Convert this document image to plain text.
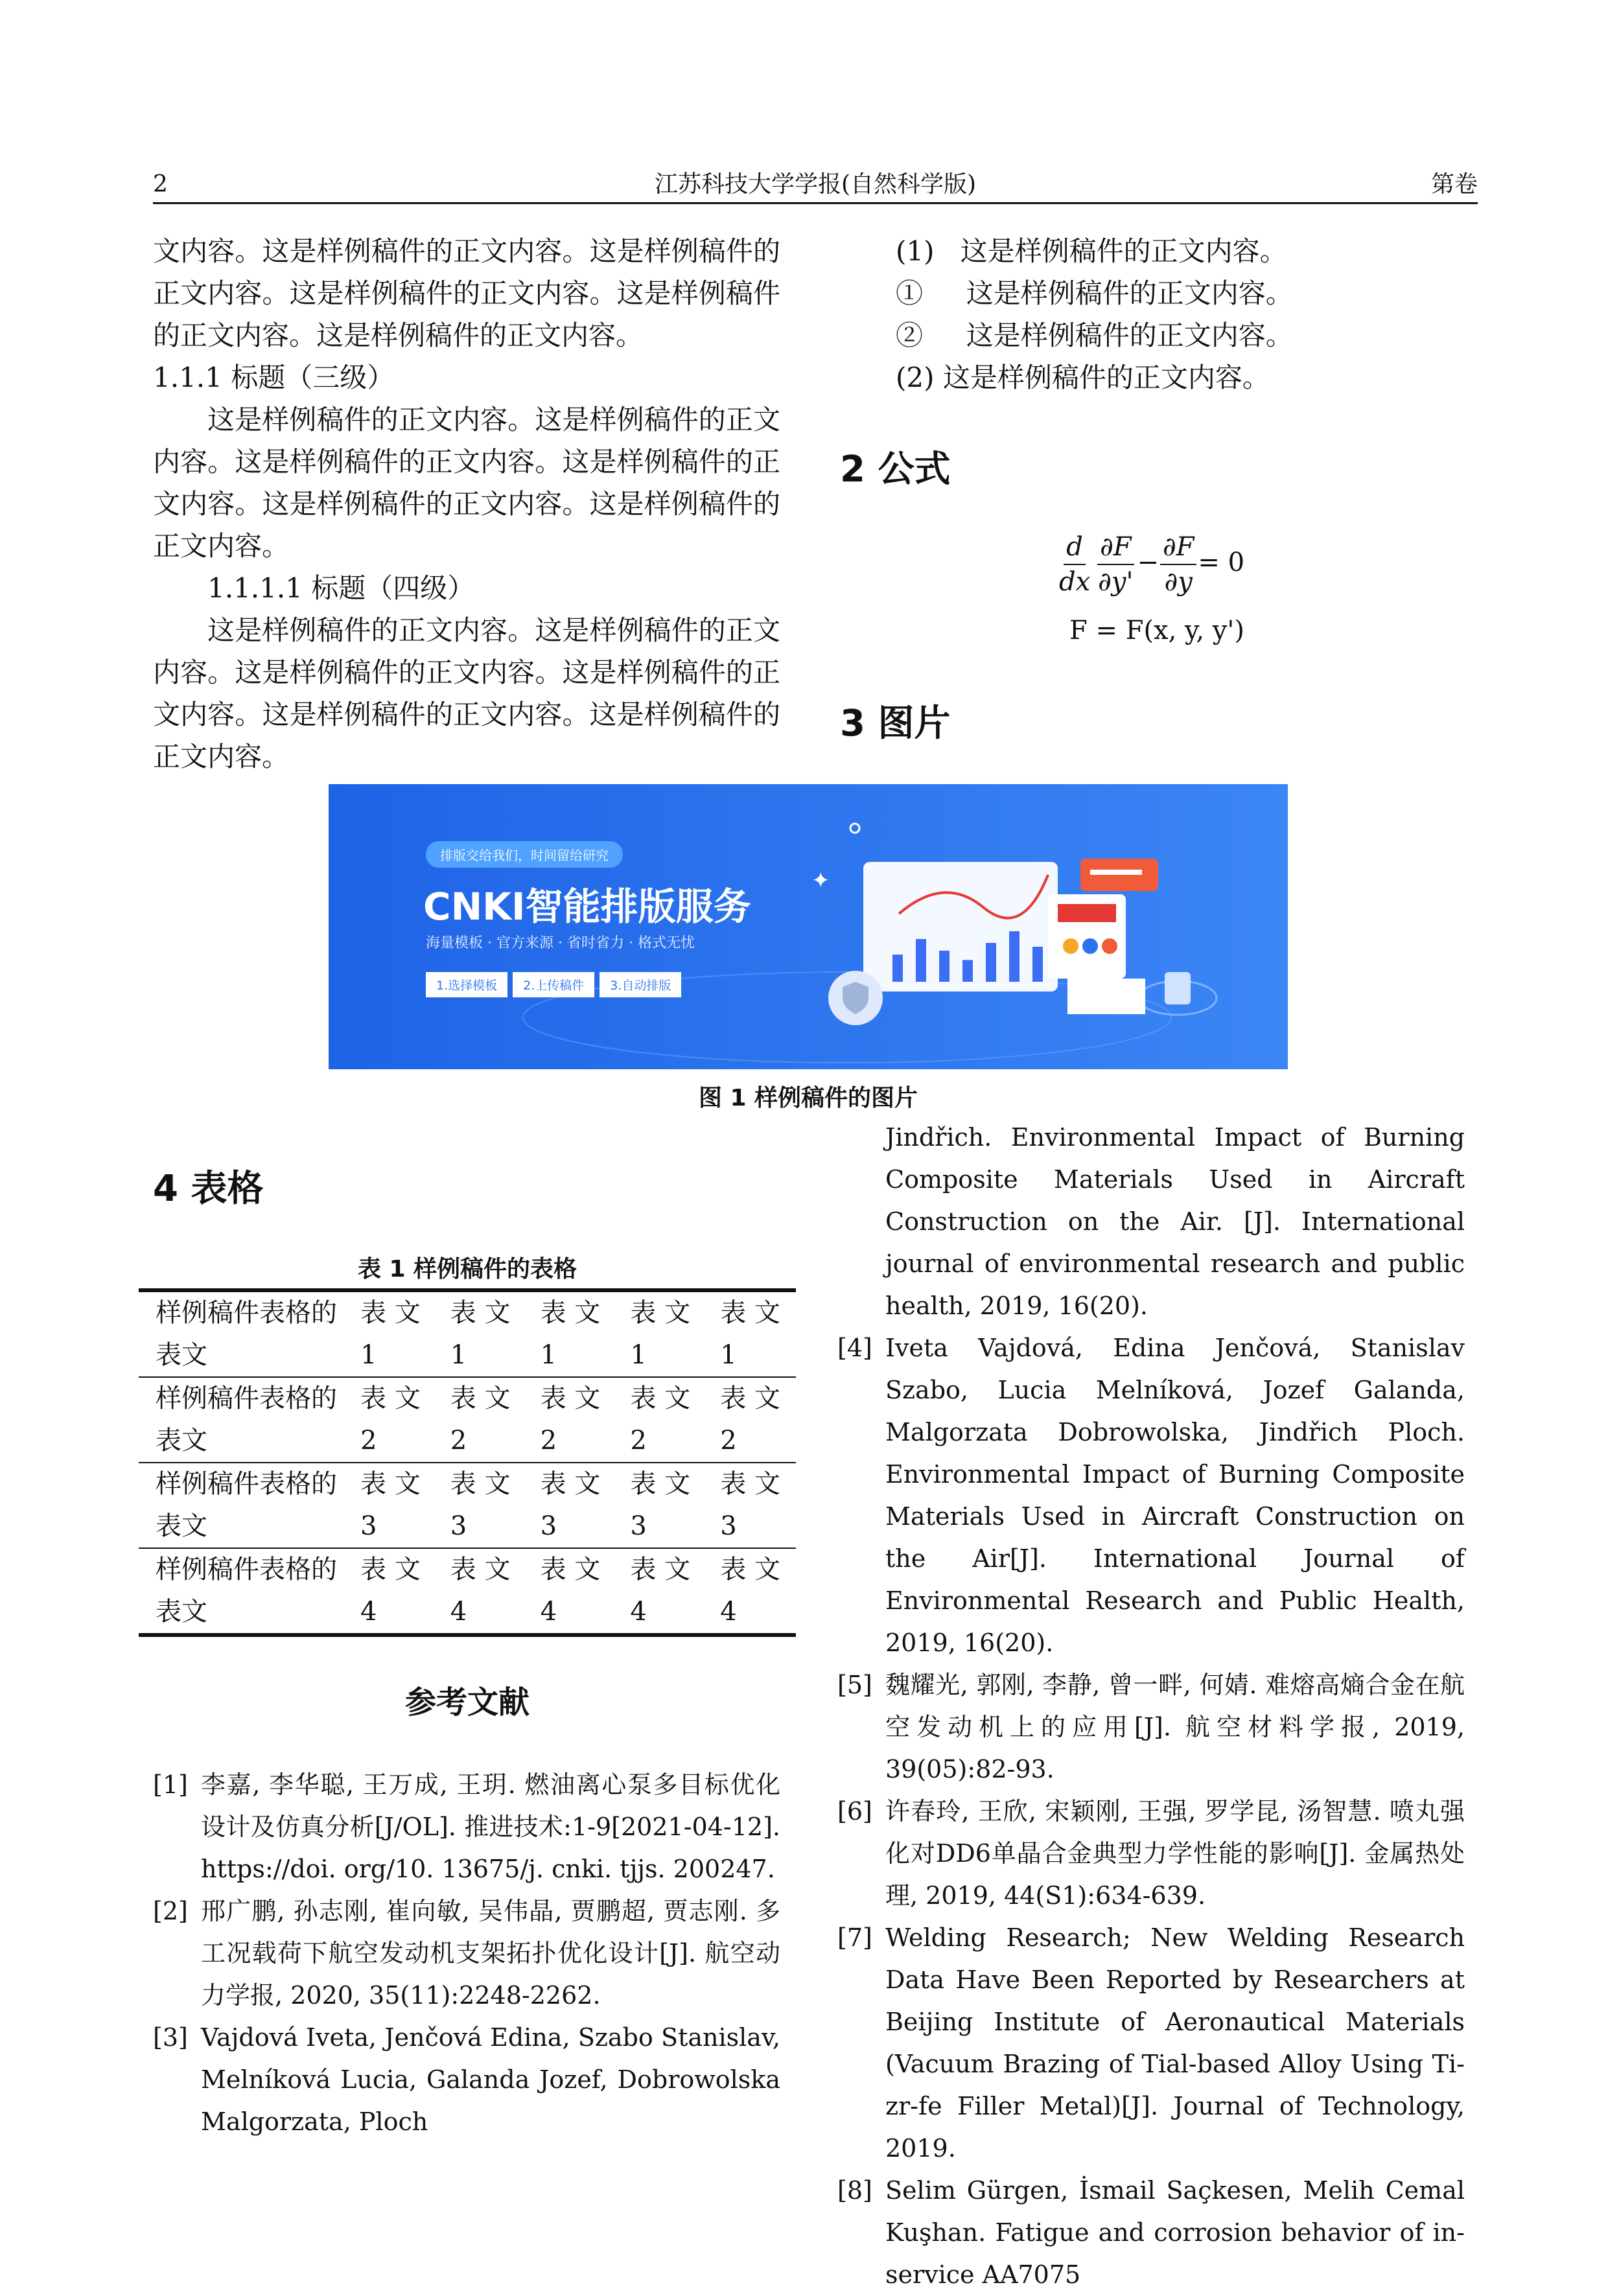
2	江苏科技大学学报(自然科学版)	第卷

文内容。这是样例稿件的正文内容。这是样例稿件的正文内容。这是样例稿件的正文内容。这是样例稿件的正文内容。这是样例稿件的正文内容。

1.1.1 标题（三级）

这是样例稿件的正文内容。这是样例稿件的正文内容。这是样例稿件的正文内容。这是样例稿件的正文内容。这是样例稿件的正文内容。这是样例稿件的正文内容。

1.1.1.1 标题（四级）

这是样例稿件的正文内容。这是样例稿件的正文内容。这是样例稿件的正文内容。这是样例稿件的正文内容。这是样例稿件的正文内容。这是样例稿件的正文内容。

(1) 这是样例稿件的正文内容。
① 这是样例稿件的正文内容。
② 这是样例稿件的正文内容。
(2) 这是样例稿件的正文内容。
2 公式
$\frac{d}{dx} \frac{\partial F}{\partial y'} - \frac{\partial F}{\partial y} = 0$
F = F(x, y, y')
3 图片
✦
排版交给我们，时间留给研究
CNKI智能排版服务
海量模板 · 官方来源 · 省时省力 · 格式无忧
1.选择模板	2.上传稿件	3.自动排版
图 1 样例稿件的图片
4 表格
表 1 样例稿件的表格
样例稿件表格的表文	表 文 1	表 文 1	表 文 1	表 文 1	表 文 1
样例稿件表格的表文	表 文 2	表 文 2	表 文 2	表 文 2	表 文 2
样例稿件表格的表文	表 文 3	表 文 3	表 文 3	表 文 3	表 文 3
样例稿件表格的表文	表 文 4	表 文 4	表 文 4	表 文 4	表 文 4
参考文献
[1] 李嘉, 李华聪, 王万成, 王玥. 燃油离心泵多目标优化设计及仿真分析[J/OL]. 推进技术:1-9[2021-04-12]. https://doi. org/10. 13675/j. cnki. tjjs. 200247.
[2] 邢广鹏, 孙志刚, 崔向敏, 吴伟晶, 贾鹏超, 贾志刚. 多工况载荷下航空发动机支架拓扑优化设计[J]. 航空动力学报, 2020, 35(11):2248-2262.
[3] Vajdová Iveta, Jenčová Edina, Szabo Stanislav, Melníková Lucia, Galanda Jozef, Dobrowolska Malgorzata, Ploch
Jindřich. Environmental Impact of Burning Composite Materials Used in Aircraft Construction on the Air. [J]. International journal of environmental research and public health, 2019, 16(20).
[4] Iveta Vajdová, Edina Jenčová, Stanislav Szabo, Lucia Melníková, Jozef Galanda, Malgorzata Dobrowolska, Jindřich Ploch. Environmental Impact of Burning Composite Materials Used in Aircraft Construction on the Air[J]. International Journal of Environmental Research and Public Health, 2019, 16(20).
[5] 魏耀光, 郭刚, 李静, 曾一畔, 何婧. 难熔高熵合金在航空发动机上的应用[J]. 航空材料学报, 2019, 39(05):82-93.
[6] 许春玲, 王欣, 宋颖刚, 王强, 罗学昆, 汤智慧. 喷丸强化对DD6单晶合金典型力学性能的影响[J]. 金属热处理, 2019, 44(S1):634-639.
[7] Welding Research; New Welding Research Data Have Been Reported by Researchers at Beijing Institute of Aeronautical Materials (Vacuum Brazing of Tial-based Alloy Using Ti-zr-fe Filler Metal)[J]. Journal of Technology, 2019.
[8] Selim Gürgen, İsmail Saçkesen, Melih Cemal Kuşhan. Fatigue and corrosion behavior of in-service AA7075
